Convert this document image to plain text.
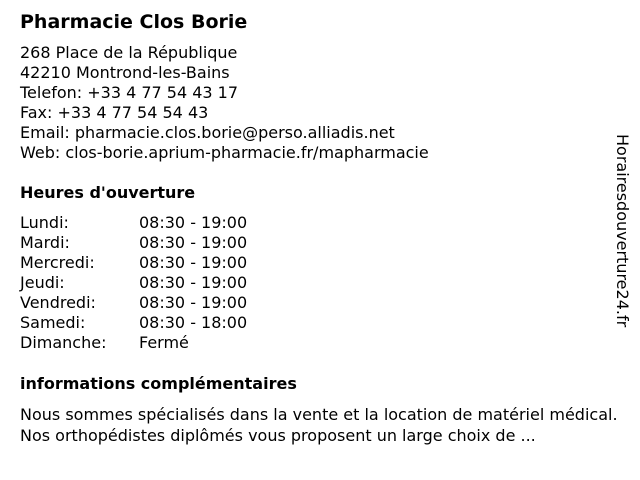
Pharmacie Clos Borie
268 Place de la République
42210 Montrond-les-Bains
Telefon: +33 4 77 54 43 17
Fax: +33 4 77 54 54 43
Email: pharmacie.clos.borie@perso.alliadis.net
Web: clos-borie.aprium-pharmacie.fr/mapharmacie
Heures d'ouverture
Lundi:	08:30 - 19:00
Mardi:	08:30 - 19:00
Mercredi:	08:30 - 19:00
Jeudi:	08:30 - 19:00
Vendredi:	08:30 - 19:00
Samedi:	08:30 - 18:00
Dimanche: Fermé
informations complémentaires
Nous sommes spécialisés dans la vente et la location de matériel médical. Nos orthopédistes diplômés vous proposent un large choix de ...
Horairesdouverture24.fr
